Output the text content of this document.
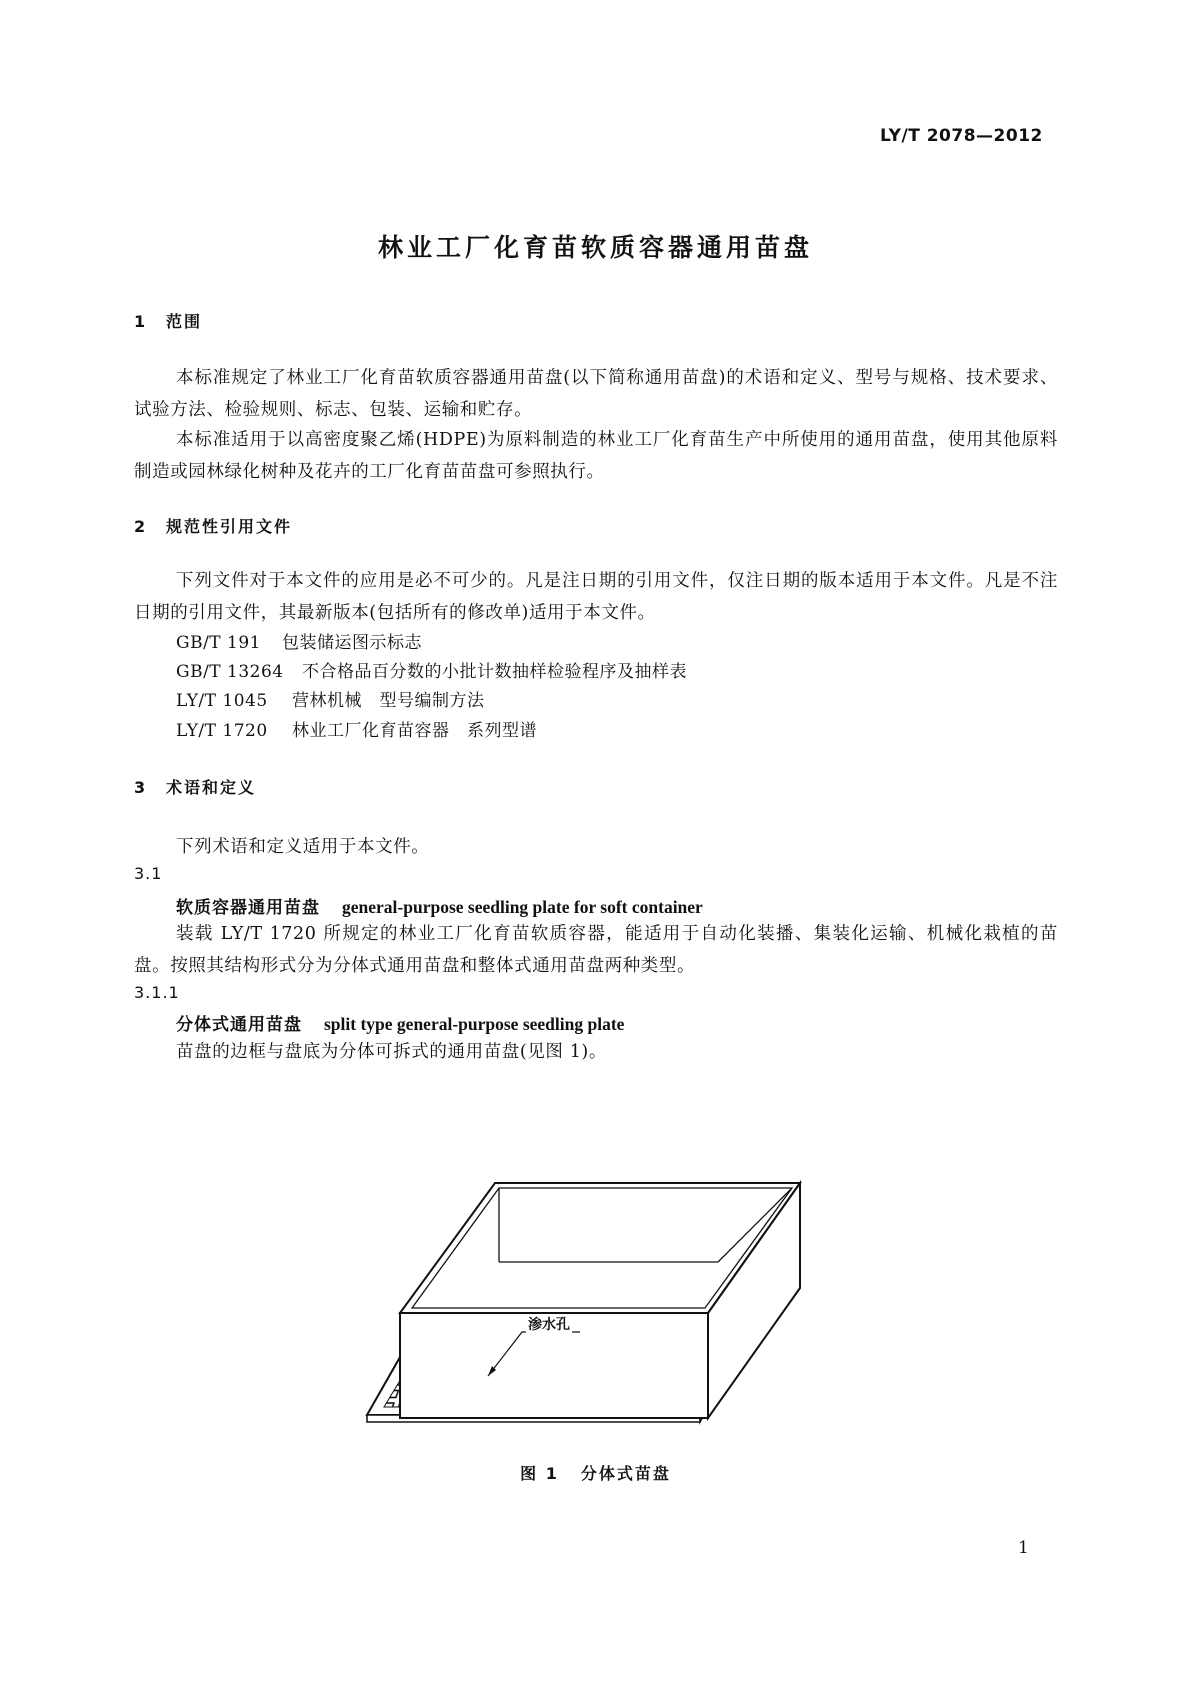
LY/T 2078—2012
林业工厂化育苗软质容器通用苗盘
1 范围

本标准规定了林业工厂化育苗软质容器通用苗盘(以下简称通用苗盘)的术语和定义、型号与规格、技术要求、试验方法、检验规则、标志、包装、运输和贮存。

本标准适用于以高密度聚乙烯(HDPE)为原料制造的林业工厂化育苗生产中所使用的通用苗盘，使用其他原料制造或园林绿化树种及花卉的工厂化育苗苗盘可参照执行。

2 规范性引用文件

下列文件对于本文件的应用是必不可少的。凡是注日期的引用文件，仅注日期的版本适用于本文件。凡是不注日期的引用文件，其最新版本(包括所有的修改单)适用于本文件。

GB/T 191 包装储运图示标志
GB/T 13264 不合格品百分数的小批计数抽样检验程序及抽样表
LY/T 1045 营林机械　型号编制方法
LY/T 1720 林业工厂化育苗容器　系列型谱
3 术语和定义
下列术语和定义适用于本文件。
3.1
软质容器通用苗盘 general-purpose seedling plate for soft container

装载 LY/T 1720 所规定的林业工厂化育苗软质容器，能适用于自动化装播、集装化运输、机械化栽植的苗盘。按照其结构形式分为分体式通用苗盘和整体式通用苗盘两种类型。

3.1.1
分体式通用苗盘 split type general-purpose seedling plate
苗盘的边框与盘底为分体可拆式的通用苗盘(见图 1)。
渗水孔
图 1 分体式苗盘
1
